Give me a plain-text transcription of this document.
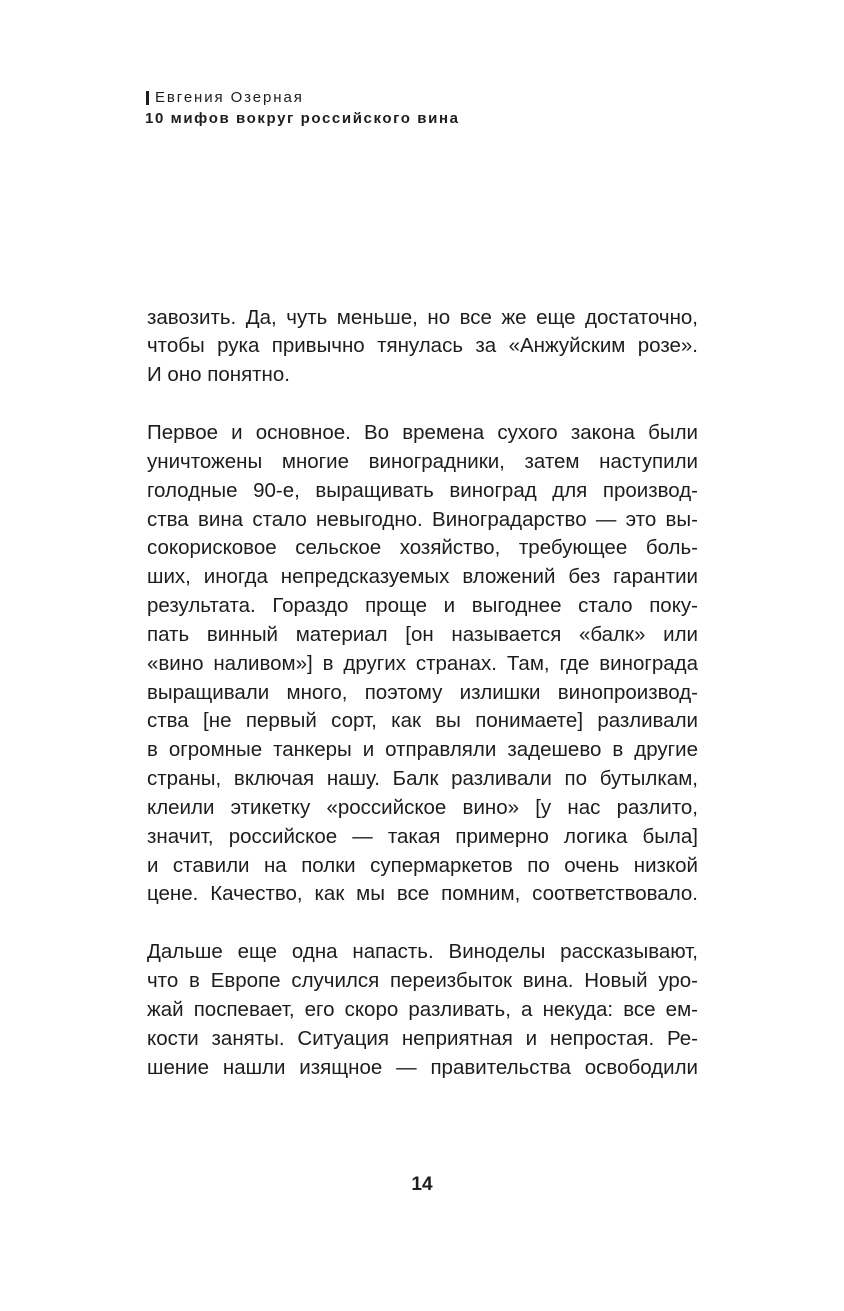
Евгения Озерная
10 мифов вокруг российского вина
завозить. Да, чуть меньше, но все же еще достаточно,
чтобы рука привычно тянулась за «Анжуйским розе».
И оно понятно.
Первое и основное. Во времена сухого закона были
уничтожены многие виноградники, затем наступили
голодные 90-е, выращивать виноград для производ-
ства вина стало невыгодно. Виноградарство — это вы-
сокорисковое сельское хозяйство, требующее боль-
ших, иногда непредсказуемых вложений без гарантии
результата. Гораздо проще и выгоднее стало поку-
пать винный материал [он называется «балк» или
«вино наливом»] в других странах. Там, где винограда
выращивали много, поэтому излишки винопроизвод-
ства [не первый сорт, как вы понимаете] разливали
в огромные танкеры и отправляли задешево в другие
страны, включая нашу. Балк разливали по бутылкам,
клеили этикетку «российское вино» [у нас разлито,
значит, российское — такая примерно логика была]
и ставили на полки супермаркетов по очень низкой
цене. Качество, как мы все помним, соответствовало.
Дальше еще одна напасть. Виноделы рассказывают,
что в Европе случился переизбыток вина. Новый уро-
жай поспевает, его скоро разливать, а некуда: все ем-
кости заняты. Ситуация неприятная и непростая. Ре-
шение нашли изящное — правительства освободили
14
